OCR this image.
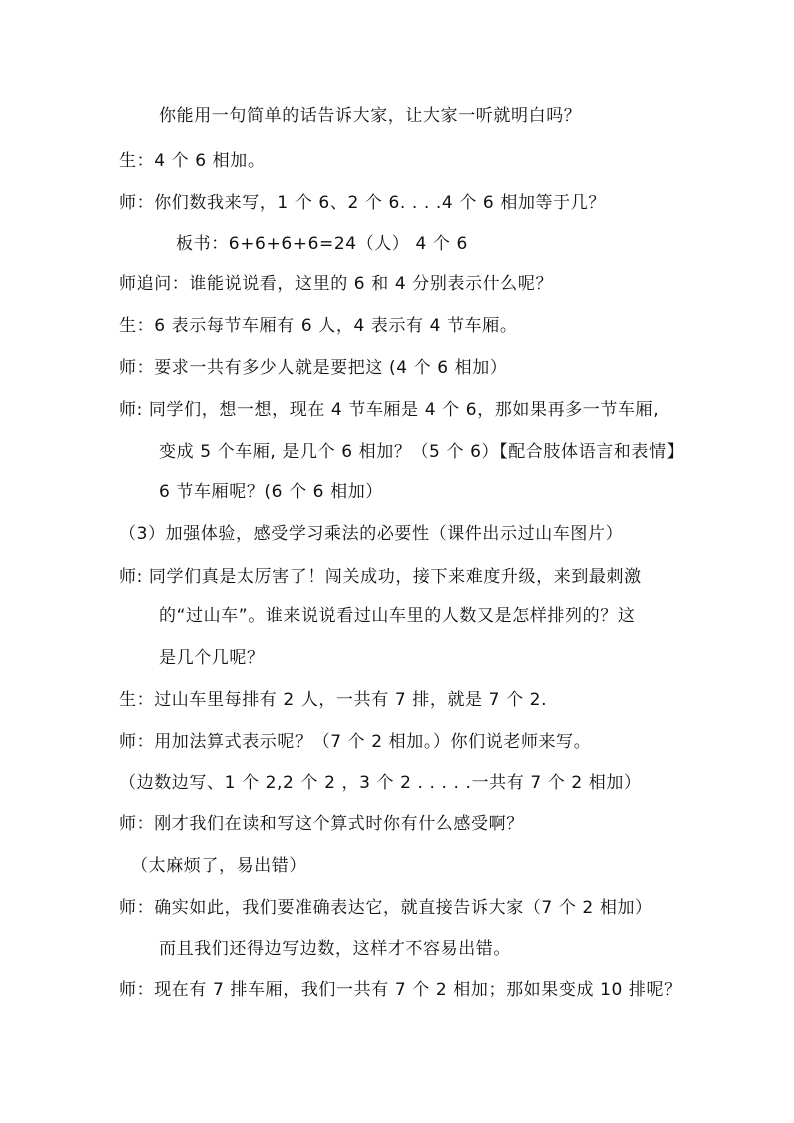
你能用一句简单的话告诉大家，让大家一听就明白吗？
生：4 个 6 相加。
师：你们数我来写，1 个 6、2 个 6. . . .4 个 6 相加等于几？
板书：6+6+6+6=24（人） 4 个 6
师追问：谁能说说看，这里的 6 和 4 分别表示什么呢？
生：6 表示每节车厢有 6 人，4 表示有 4 节车厢。
师：要求一共有多少人就是要把这 (4 个 6 相加）
师: 同学们，想一想，现在 4 节车厢是 4 个 6，那如果再多一节车厢,
变成 5 个车厢, 是几个 6 相加？（5 个 6）【配合肢体语言和表情】
6 节车厢呢？(6 个 6 相加）
（3）加强体验，感受学习乘法的必要性（课件出示过山车图片）
师: 同学们真是太厉害了！闯关成功，接下来难度升级，来到最刺激
的“过山车”。谁来说说看过山车里的人数又是怎样排列的？这
是几个几呢？
生：过山车里每排有 2 人，一共有 7 排，就是 7 个 2.
师：用加法算式表示呢？（7 个 2 相加。）你们说老师来写。
（边数边写、1 个 2,2 个 2 ，3 个 2 . . . . .一共有 7 个 2 相加）
师：刚才我们在读和写这个算式时你有什么感受啊？
（太麻烦了，易出错）
师：确实如此，我们要准确表达它，就直接告诉大家（7 个 2 相加）
而且我们还得边写边数，这样才不容易出错。
师：现在有 7 排车厢，我们一共有 7 个 2 相加；那如果变成 10 排呢？
